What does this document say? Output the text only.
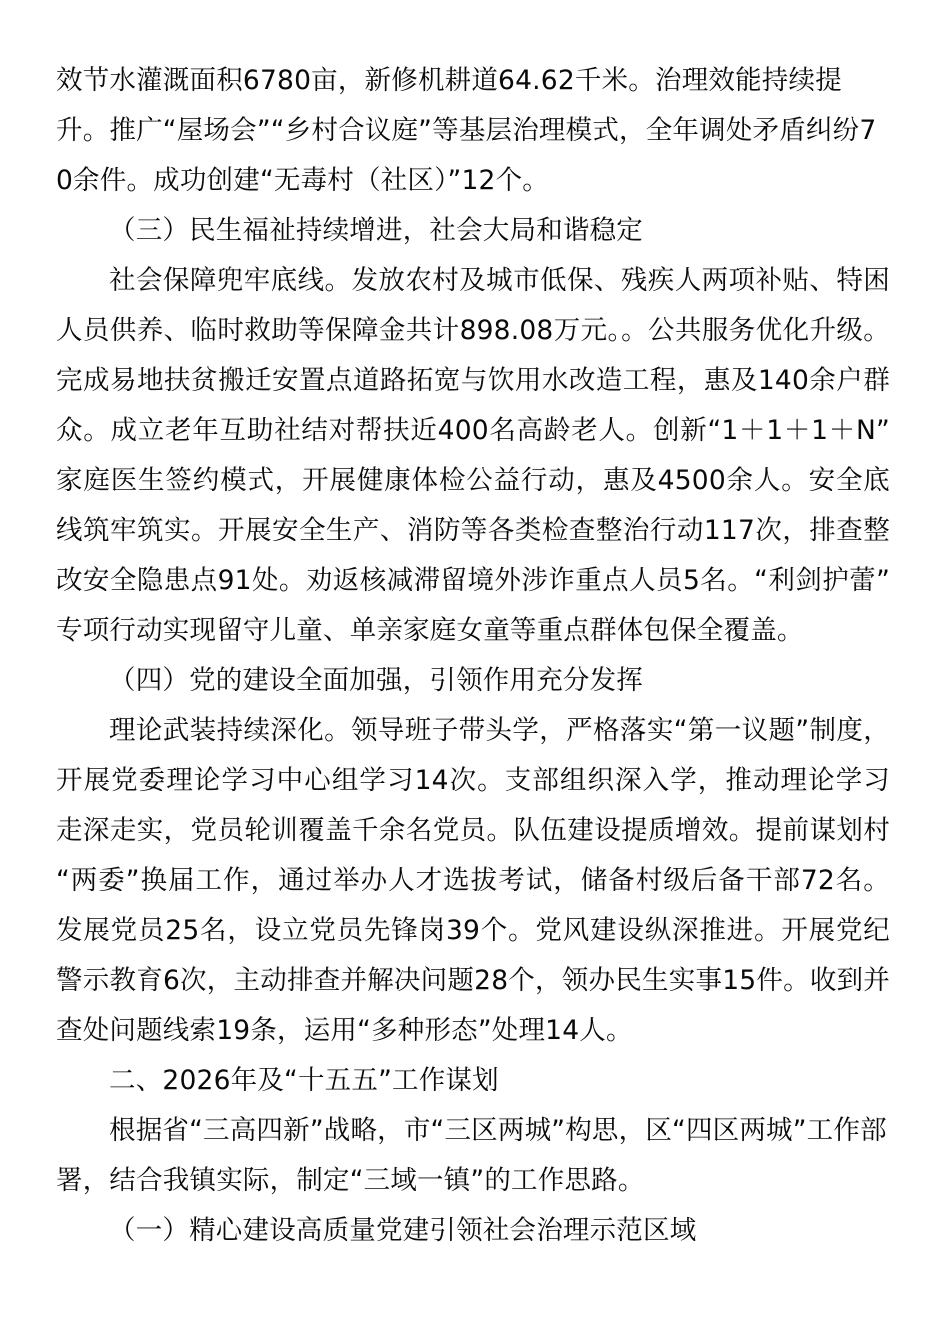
效节水灌溉面积6780亩，新修机耕道64.62千米。治理效能持续提升。推广“屋场会”“乡村合议庭”等基层治理模式，全年调处矛盾纠纷70余件。成功创建“无毒村（社区）”12个。

（三）民生福祉持续增进，社会大局和谐稳定

社会保障兜牢底线。发放农村及城市低保、残疾人两项补贴、特困人员供养、临时救助等保障金共计898.08万元。。公共服务优化升级。完成易地扶贫搬迁安置点道路拓宽与饮用水改造工程，惠及140余户群众。成立老年互助社结对帮扶近400名高龄老人。创新“1＋1＋1＋N”家庭医生签约模式，开展健康体检公益行动，惠及4500余人。安全底线筑牢筑实。开展安全生产、消防等各类检查整治行动117次，排查整改安全隐患点91处。劝返核减滞留境外涉诈重点人员5名。“利剑护蕾”专项行动实现留守儿童、单亲家庭女童等重点群体包保全覆盖。

（四）党的建设全面加强，引领作用充分发挥

理论武装持续深化。领导班子带头学，严格落实“第一议题”制度，开展党委理论学习中心组学习14次。支部组织深入学，推动理论学习走深走实，党员轮训覆盖千余名党员。队伍建设提质增效。提前谋划村“两委”换届工作，通过举办人才选拔考试，储备村级后备干部72名。发展党员25名，设立党员先锋岗39个。党风建设纵深推进。开展党纪警示教育6次，主动排查并解决问题28个，领办民生实事15件。收到并查处问题线索19条，运用“多种形态”处理14人。

二、2026年及“十五五”工作谋划

根据省“三高四新”战略，市“三区两城”构思，区“四区两城”工作部署，结合我镇实际，制定“三域一镇”的工作思路。

（一）精心建设高质量党建引领社会治理示范区域
